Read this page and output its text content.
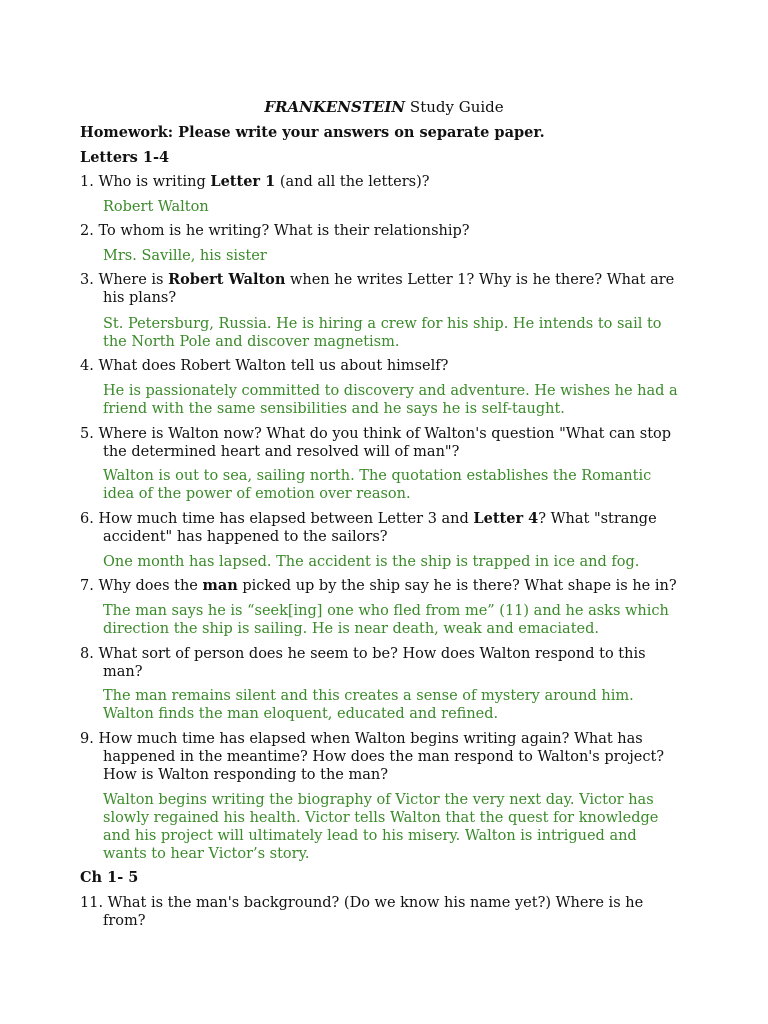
FRANKENSTEIN Study Guide
Homework: Please write your answers on separate paper.
Letters 1-4
1. Who is writing Letter 1 (and all the letters)?
Robert Walton
2. To whom is he writing? What is their relationship?
Mrs. Saville, his sister
3. Where is Robert Walton when he writes Letter 1? Why is he there? What are
his plans?
St. Petersburg, Russia. He is hiring a crew for his ship. He intends to sail to
the North Pole and discover magnetism.
4. What does Robert Walton tell us about himself?
He is passionately committed to discovery and adventure. He wishes he had a
friend with the same sensibilities and he says he is self-taught.
5. Where is Walton now? What do you think of Walton's question "What can stop
the determined heart and resolved will of man"?
Walton is out to sea, sailing north. The quotation establishes the Romantic
idea of the power of emotion over reason.
6. How much time has elapsed between Letter 3 and Letter 4? What "strange
accident" has happened to the sailors?
One month has lapsed. The accident is the ship is trapped in ice and fog.
7. Why does the man picked up by the ship say he is there? What shape is he in?
The man says he is “seek[ing] one who fled from me” (11) and he asks which
direction the ship is sailing. He is near death, weak and emaciated.
8. What sort of person does he seem to be? How does Walton respond to this
man?
The man remains silent and this creates a sense of mystery around him.
Walton finds the man eloquent, educated and refined.
9. How much time has elapsed when Walton begins writing again? What has
happened in the meantime? How does the man respond to Walton's project?
How is Walton responding to the man?
Walton begins writing the biography of Victor the very next day. Victor has
slowly regained his health. Victor tells Walton that the quest for knowledge
and his project will ultimately lead to his misery. Walton is intrigued and
wants to hear Victor’s story.
Ch 1- 5
11. What is the man's background? (Do we know his name yet?) Where is he
from?
